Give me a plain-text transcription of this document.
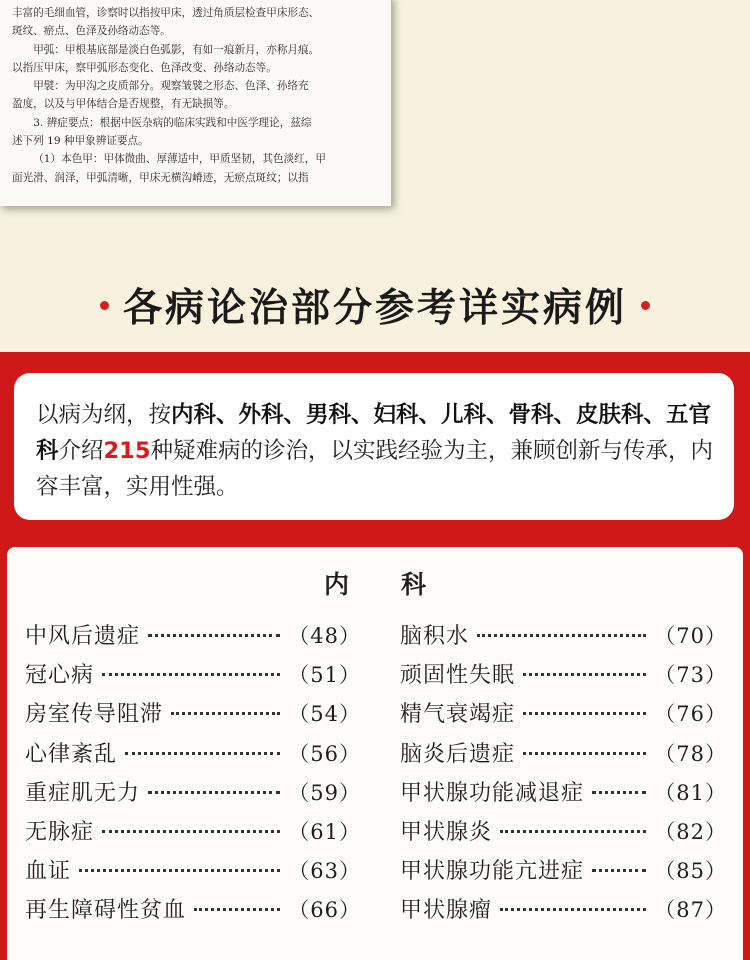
丰富的毛细血管，诊察时以指按甲床，透过角质层检查甲床形态、

斑纹、瘀点、色泽及孙络动态等。

甲弧：甲根基底部是淡白色弧影，有如一痕新月，亦称月痕。

以指压甲床，察甲弧形态变化、色泽改变、孙络动态等。

甲襞：为甲沟之皮质部分。观察皱襞之形态、色泽、孙络充

盈度，以及与甲体结合是否规整，有无缺损等。

3. 辨症要点：根据中医杂病的临床实践和中医学理论，兹综

述下列 19 种甲象辨证要点。

（1）本色甲：甲体微曲、厚薄适中，甲质坚韧，其色淡红，甲

面光滑、润泽，甲弧清晰，甲床无横沟嵴迹，无瘀点斑纹；以指

各病论治部分参考详实病例
以病为纲，按内科、外科、男科、妇科、儿科、骨科、皮肤科、五官科介绍215种疑难病的诊治，以实践经验为主，兼顾创新与传承，内容丰富，实用性强。
内科
中风后遗症	（48）
冠心病	（51）
房室传导阻滞	（54）
心律紊乱	（56）
重症肌无力	（59）
无脉症	（61）
血证	（63）
再生障碍性贫血	（66）
脑积水	（70）
顽固性失眠	（73）
精气衰竭症	（76）
脑炎后遗症	（78）
甲状腺功能减退症	（81）
甲状腺炎	（82）
甲状腺功能亢进症	（85）
甲状腺瘤	（87）
